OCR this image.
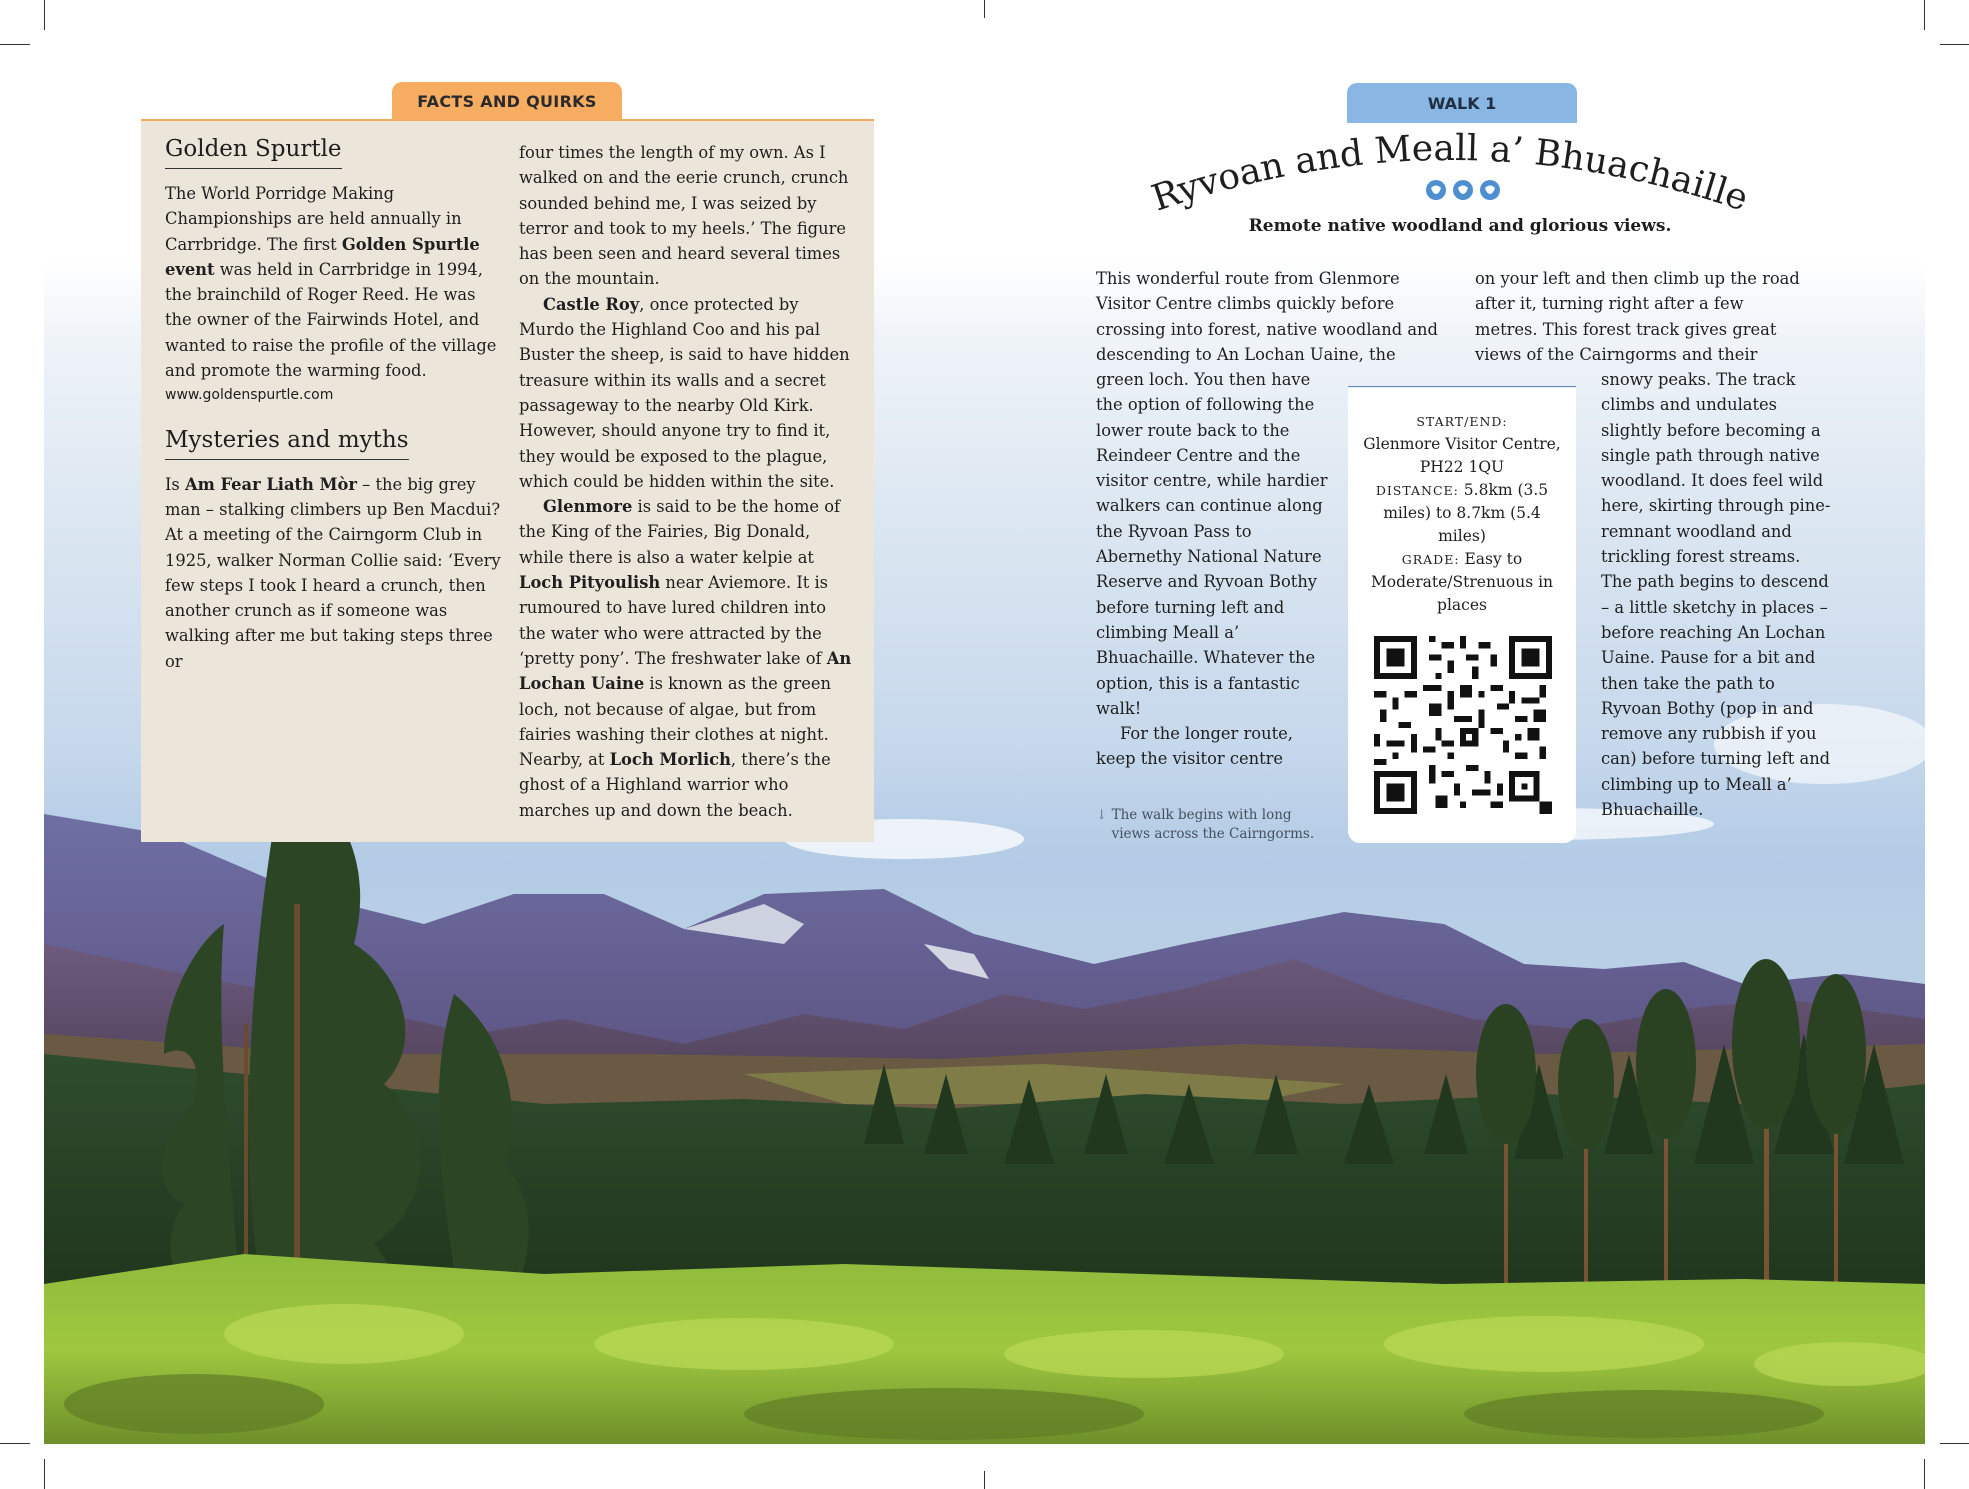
FACTS AND QUIRKS
Golden Spurtle

The World Porridge Making Championships are held annually in Carrbridge. The first Golden Spurtle event was held in Carrbridge in 1994, the brainchild of Roger Reed. He was the owner of the Fairwinds Hotel, and wanted to raise the profile of the village and promote the warming food.

www.goldenspurtle.com
Mysteries and myths

Is Am Fear Liath Mòr – the big grey man – stalking climbers up Ben Macdui? At a meeting of the Cairngorm Club in 1925, walker Norman Collie said: ‘Every few steps I took I heard a crunch, then another crunch as if someone was walking after me but taking steps three or

four times the length of my own. As I walked on and the eerie crunch, crunch sounded behind me, I was seized by terror and took to my heels.’ The figure has been seen and heard several times on the mountain.

Castle Roy, once protected by Murdo the Highland Coo and his pal Buster the sheep, is said to have hidden treasure within its walls and a secret passageway to the nearby Old Kirk. However, should anyone try to find it, they would be exposed to the plague, which could be hidden within the site.

Glenmore is said to be the home of the King of the Fairies, Big Donald, while there is also a water kelpie at Loch Pityoulish near Aviemore. It is rumoured to have lured children into the water who were attracted by the ‘pretty pony’. The freshwater lake of An Lochan Uaine is known as the green loch, not because of algae, but from fairies washing their clothes at night. Nearby, at Loch Morlich, there’s the ghost of a Highland warrior who marches up and down the beach.

WALK 1
Ryvoan and Meall a’ Bhuachaille
Remote native woodland and glorious views.

This wonderful route from Glenmore Visitor Centre climbs quickly before crossing into forest, native woodland and descending to An Lochan Uaine, the

green loch. You then have the option of following the lower route back to the Reindeer Centre and the visitor centre, while hardier walkers can continue along the Ryvoan Pass to Abernethy National Nature Reserve and Ryvoan Bothy before turning left and climbing Meall a’ Bhuachaille. Whatever the option, this is a fantastic walk!

For the longer route, keep the visitor centre

on your left and then climb up the road after it, turning right after a few metres. This forest track gives great views of the Cairngorms and their

snowy peaks. The track climbs and undulates slightly before becoming a single path through native woodland. It does feel wild here, skirting through pine-remnant woodland and trickling forest streams. The path begins to descend – a little sketchy in places – before reaching An Lochan Uaine. Pause for a bit and then take the path to Ryvoan Bothy (pop in and remove any rubbish if you can) before turning left and climbing up to Meall a’ Bhuachaille.

START/END:
Glenmore Visitor Centre, PH22 1QU
DISTANCE: 5.8km (3.5 miles) to 8.7km (5.4 miles)
GRADE: Easy to Moderate/Strenuous in places
↓ The walk begins with long views across the Cairngorms.
